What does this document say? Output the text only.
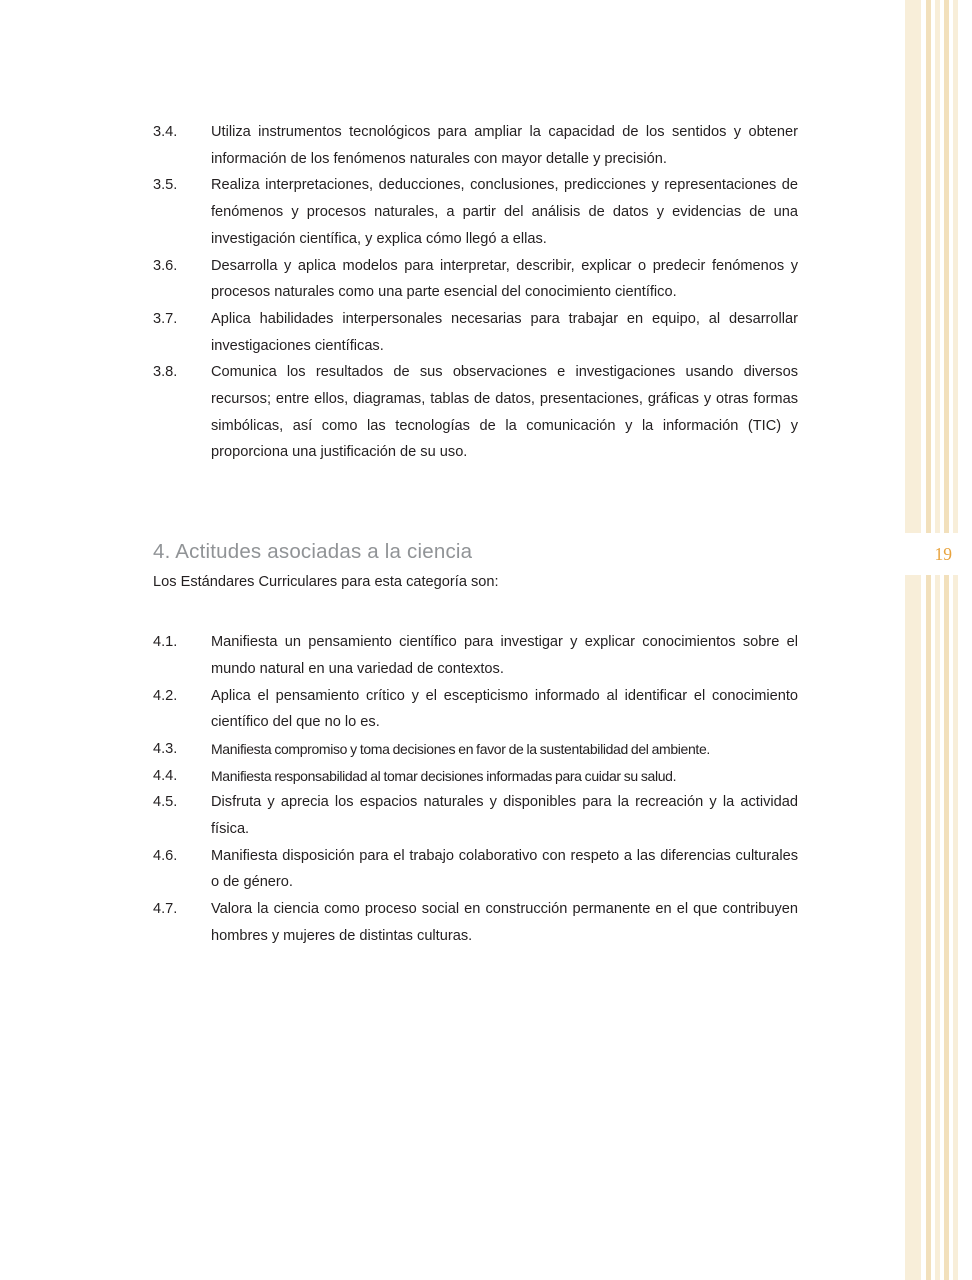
19
3.4.	Utiliza instrumentos tecnológicos para ampliar la capacidad de los sentidos y obtener información de los fenómenos naturales con mayor detalle y precisión.
3.5.	Realiza interpretaciones, deducciones, conclusiones, predicciones y representaciones de fenómenos y procesos naturales, a partir del análisis de datos y evidencias de una investigación científica, y explica cómo llegó a ellas.
3.6.	Desarrolla y aplica modelos para interpretar, describir, explicar o predecir fenómenos y procesos naturales como una parte esencial del conocimiento científico.
3.7.	Aplica habilidades interpersonales necesarias para trabajar en equipo, al desarrollar investigaciones científicas.
3.8.	Comunica los resultados de sus observaciones e investigaciones usando diversos recursos; entre ellos, diagramas, tablas de datos, presentaciones, gráficas y otras formas simbólicas, así como las tecnologías de la comunicación y la información (TIC) y proporciona una justificación de su uso.
4. Actitudes asociadas a la ciencia

Los Estándares Curriculares para esta categoría son:

4.1.	Manifiesta un pensamiento científico para investigar y explicar conocimientos sobre el mundo natural en una variedad de contextos.
4.2.	Aplica el pensamiento crítico y el escepticismo informado al identificar el conocimiento científico del que no lo es.
4.3.	Manifiesta compromiso y toma decisiones en favor de la sustentabilidad del ambiente.
4.4.	Manifiesta responsabilidad al tomar decisiones informadas para cuidar su salud.
4.5.	Disfruta y aprecia los espacios naturales y disponibles para la recreación y la actividad física.
4.6.	Manifiesta disposición para el trabajo colaborativo con respeto a las diferencias culturales o de género.
4.7.	Valora la ciencia como proceso social en construcción permanente en el que contribuyen hombres y mujeres de distintas culturas.
